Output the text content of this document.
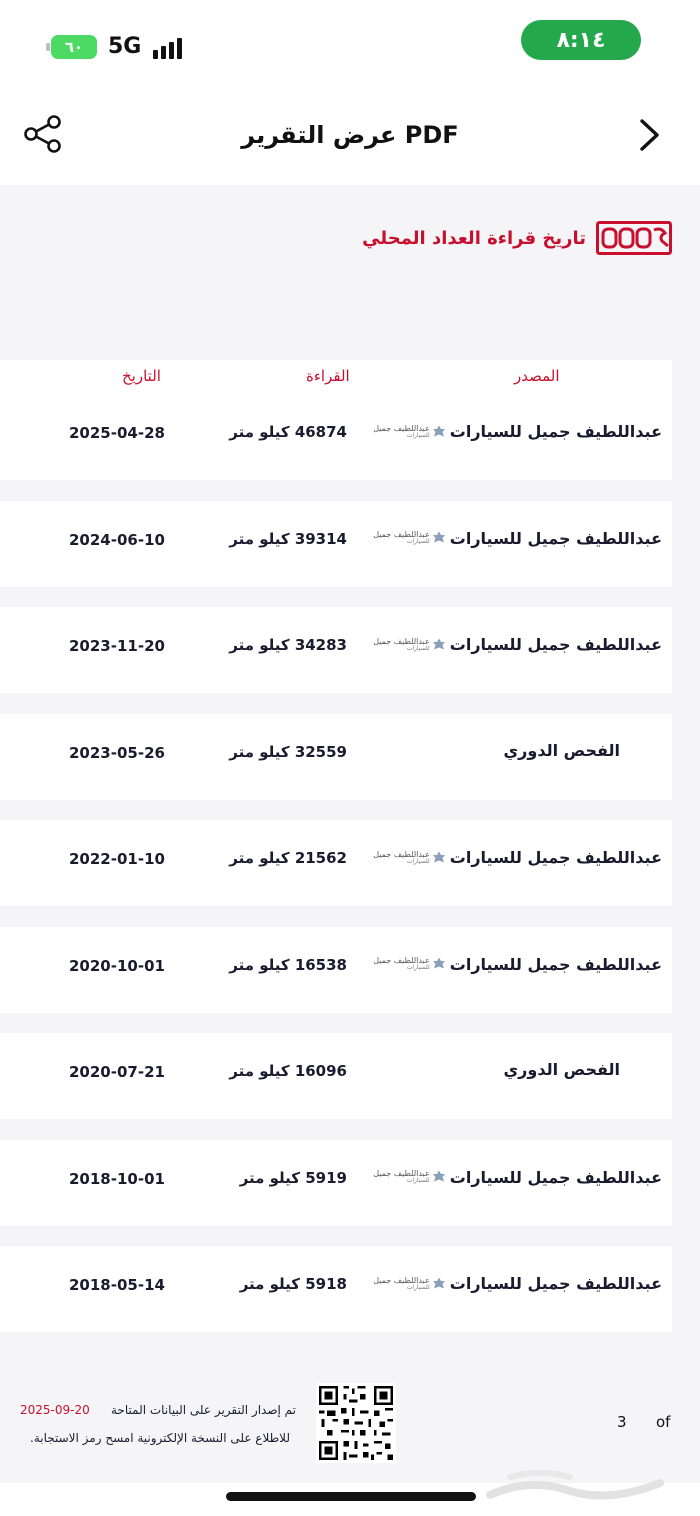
٦٠ 5G	٨:١٤
عرض التقرير PDF
تاريخ قراءة العداد المحلي
المصدر
القراءة
التاريخ
2025-04-28	46874 كيلو متر	عبداللطيف جميل للسيارات
عبداللطيف جميل
للسيارات
2024-06-10	39314 كيلو متر	عبداللطيف جميل للسيارات
عبداللطيف جميل
للسيارات
2023-11-20	34283 كيلو متر	عبداللطيف جميل للسيارات
عبداللطيف جميل
للسيارات
2023-05-26	32559 كيلو متر	الفحص الدوري
2022-01-10	21562 كيلو متر	عبداللطيف جميل للسيارات
عبداللطيف جميل
للسيارات
2020-10-01	16538 كيلو متر	عبداللطيف جميل للسيارات
عبداللطيف جميل
للسيارات
2020-07-21	16096 كيلو متر	الفحص الدوري
2018-10-01	5919 كيلو متر	عبداللطيف جميل للسيارات
عبداللطيف جميل
للسيارات
2018-05-14	5918 كيلو متر	عبداللطيف جميل للسيارات
عبداللطيف جميل
للسيارات
of
3
تم إصدار التقرير على البيانات المتاحة
2025-09-20
للاطلاع على النسخة الإلكترونية امسح رمز الاستجابة.
